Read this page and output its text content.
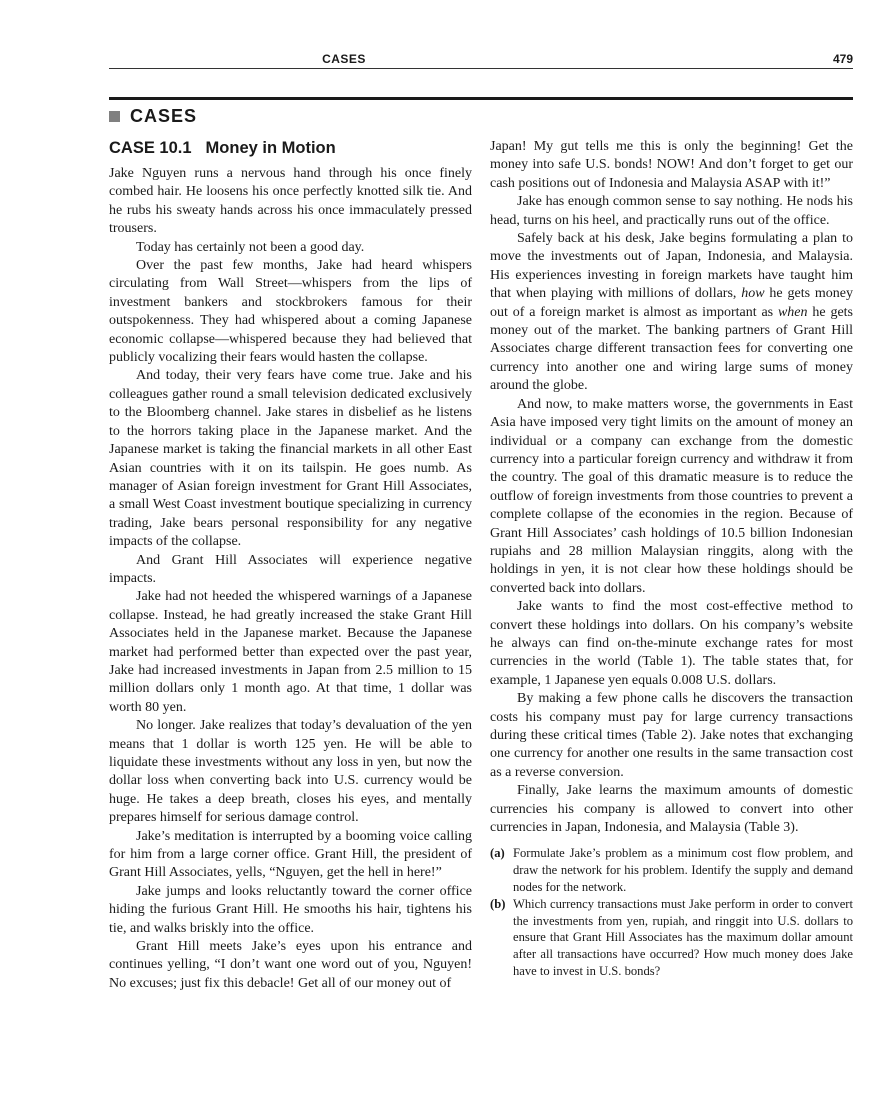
CASES	479
CASES
CASE 10.1 Money in Motion

Jake Nguyen runs a nervous hand through his once finely combed hair. He loosens his once perfectly knotted silk tie. And he rubs his sweaty hands across his once immaculately pressed trousers.

Today has certainly not been a good day.

Over the past few months, Jake had heard whispers circulating from Wall Street—whispers from the lips of investment bankers and stockbrokers famous for their outspokenness. They had whispered about a coming Japanese economic collapse—whispered because they had believed that publicly vocalizing their fears would hasten the collapse.

And today, their very fears have come true. Jake and his colleagues gather round a small television dedicated exclusively to the Bloomberg channel. Jake stares in disbelief as he listens to the horrors taking place in the Japanese market. And the Japanese market is taking the financial markets in all other East Asian countries with it on its tailspin. He goes numb. As manager of Asian foreign investment for Grant Hill Associates, a small West Coast investment boutique specializing in currency trading, Jake bears personal responsibility for any negative impacts of the collapse.

And Grant Hill Associates will experience negative impacts.

Jake had not heeded the whispered warnings of a Japanese collapse. Instead, he had greatly increased the stake Grant Hill Associates held in the Japanese market. Because the Japanese market had performed better than expected over the past year, Jake had increased investments in Japan from 2.5 million to 15 million dollars only 1 month ago. At that time, 1 dollar was worth 80 yen.

No longer. Jake realizes that today’s devaluation of the yen means that 1 dollar is worth 125 yen. He will be able to liquidate these investments without any loss in yen, but now the dollar loss when converting back into U.S. currency would be huge. He takes a deep breath, closes his eyes, and mentally prepares himself for serious damage control.

Jake’s meditation is interrupted by a booming voice calling for him from a large corner office. Grant Hill, the president of Grant Hill Associates, yells, “Nguyen, get the hell in here!”

Jake jumps and looks reluctantly toward the corner office hiding the furious Grant Hill. He smooths his hair, tightens his tie, and walks briskly into the office.

Grant Hill meets Jake’s eyes upon his entrance and continues yelling, “I don’t want one word out of you, Nguyen! No excuses; just fix this debacle! Get all of our money out of

Japan! My gut tells me this is only the beginning! Get the money into safe U.S. bonds! NOW! And don’t forget to get our cash positions out of Indonesia and Malaysia ASAP with it!”

Jake has enough common sense to say nothing. He nods his head, turns on his heel, and practically runs out of the office.

Safely back at his desk, Jake begins formulating a plan to move the investments out of Japan, Indonesia, and Malaysia. His experiences investing in foreign markets have taught him that when playing with millions of dollars, how he gets money out of a foreign market is almost as important as when he gets money out of the market. The banking partners of Grant Hill Associates charge different transaction fees for converting one currency into another one and wiring large sums of money around the globe.

And now, to make matters worse, the governments in East Asia have imposed very tight limits on the amount of money an individual or a company can exchange from the domestic currency into a particular foreign currency and withdraw it from the country. The goal of this dramatic measure is to reduce the outflow of foreign investments from those countries to prevent a complete collapse of the economies in the region. Because of Grant Hill Associates’ cash holdings of 10.5 billion Indonesian rupiahs and 28 million Malaysian ringgits, along with the holdings in yen, it is not clear how these holdings should be converted back into dollars.

Jake wants to find the most cost-effective method to convert these holdings into dollars. On his company’s website he always can find on-the-minute exchange rates for most currencies in the world (Table 1). The table states that, for example, 1 Japanese yen equals 0.008 U.S. dollars.

By making a few phone calls he discovers the transaction costs his company must pay for large currency transactions during these critical times (Table 2). Jake notes that exchanging one currency for another one results in the same transaction cost as a reverse conversion.

Finally, Jake learns the maximum amounts of domestic currencies his company is allowed to convert into other currencies in Japan, Indonesia, and Malaysia (Table 3).

(a) Formulate Jake’s problem as a minimum cost flow problem, and draw the network for his problem. Identify the supply and demand nodes for the network.
(b) Which currency transactions must Jake perform in order to convert the investments from yen, rupiah, and ringgit into U.S. dollars to ensure that Grant Hill Associates has the maximum dollar amount after all transactions have occurred? How much money does Jake have to invest in U.S. bonds?
